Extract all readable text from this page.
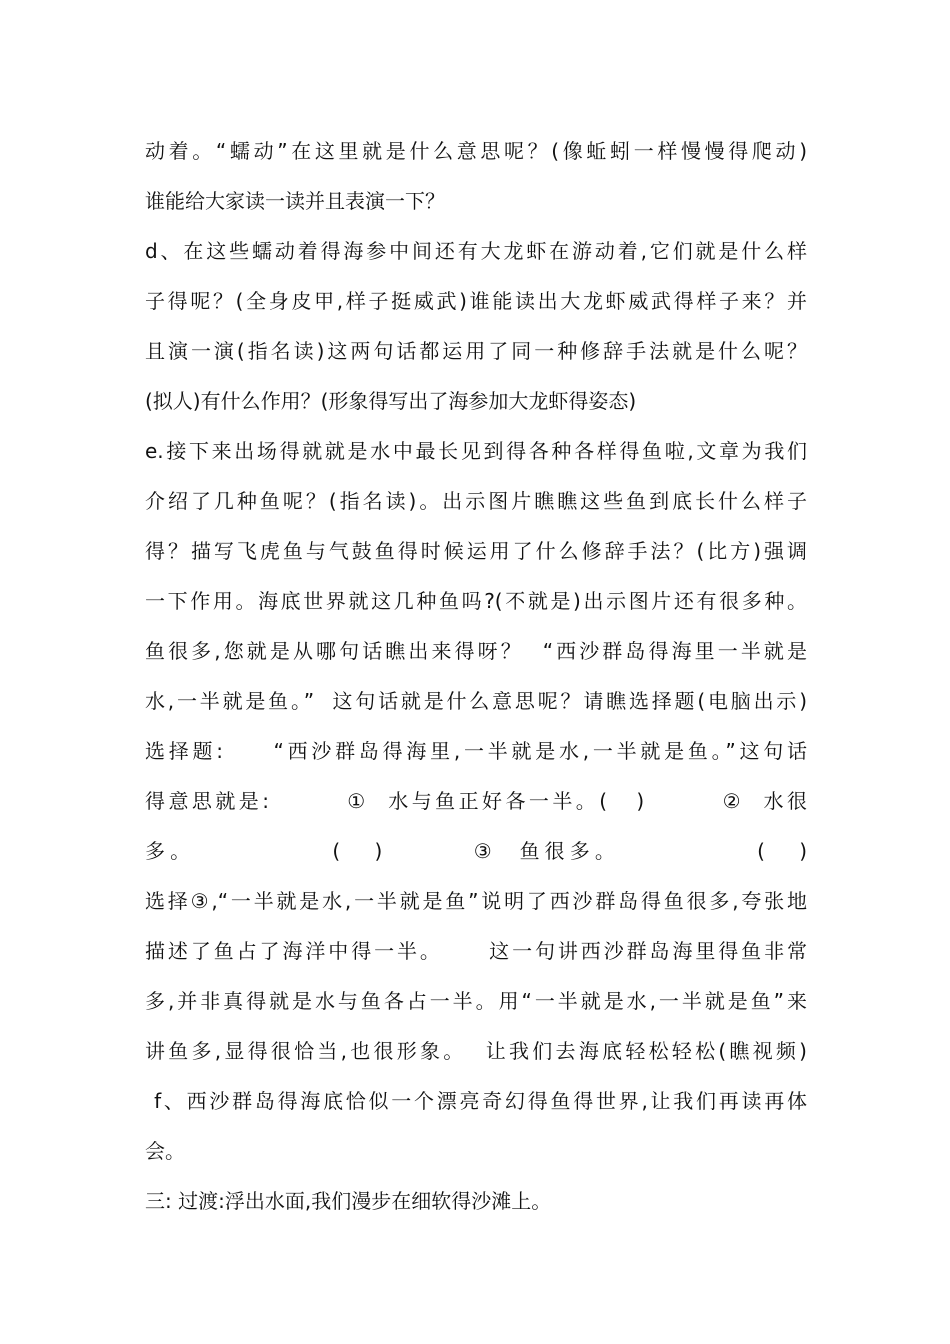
动着。“蠕动”在这里就是什么意思呢？(像蚯蚓一样慢慢得爬动)
谁能给大家读一读并且表演一下？
d、在这些蠕动着得海参中间还有大龙虾在游动着,它们就是什么样
子得呢？(全身皮甲,样子挺威武)谁能读出大龙虾威武得样子来？并
且演一演(指名读)这两句话都运用了同一种修辞手法就是什么呢？
(拟人)有什么作用？(形象得写出了海参加大龙虾得姿态)
e.接下来出场得就就是水中最长见到得各种各样得鱼啦,文章为我们
介绍了几种鱼呢？(指名读)。出示图片瞧瞧这些鱼到底长什么样子
得？描写飞虎鱼与气鼓鱼得时候运用了什么修辞手法？(比方)强调
一下作用。海底世界就这几种鱼吗?(不就是)出示图片还有很多种。
鱼很多,您就是从哪句话瞧出来得呀？  “西沙群岛得海里一半就是
水,一半就是鱼。”  这句话就是什么意思呢？请瞧选择题(电脑出示)
选择题:     “西沙群岛得海里,一半就是水,一半就是鱼。”这句话
得意思就是:        ①  水与鱼正好各一半。(   )        ②  水很
多。            (   )        ③  鱼很多。            (   )
选择③,“一半就是水,一半就是鱼”说明了西沙群岛得鱼很多,夸张地
描述了鱼占了海洋中得一半。     这一句讲西沙群岛海里得鱼非常
多,并非真得就是水与鱼各占一半。用“一半就是水,一半就是鱼”来
讲鱼多,显得很恰当,也很形象。  让我们去海底轻松轻松(瞧视频)
f、西沙群岛得海底恰似一个漂亮奇幻得鱼得世界,让我们再读再体
会。
三: 过渡:浮出水面,我们漫步在细软得沙滩上。
